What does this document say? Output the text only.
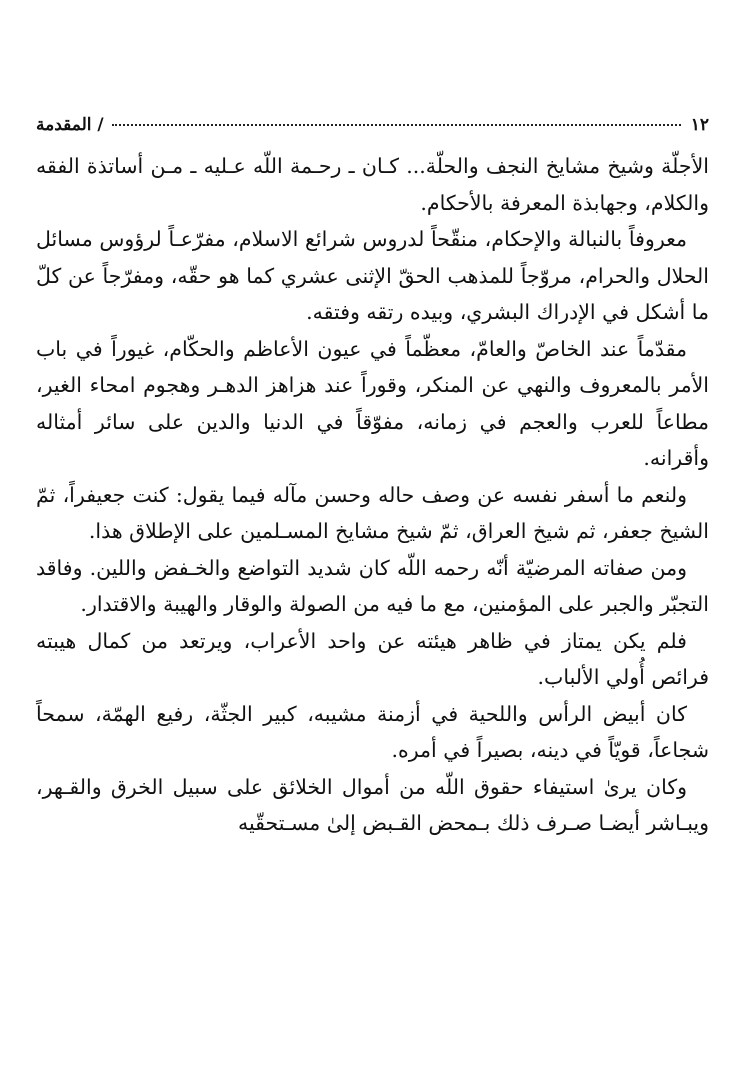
١٢
/ المقدمة

الأجلّة وشيخ مشايخ النجف والحلّة... كـان ـ رحـمة اللّه عـليه ـ مـن أساتذة الفقه والكلام، وجهابذة المعرفة بالأحكام.

معروفاً بالنبالة والإحكام، منقّحاً لدروس شرائع الاسلام، مفرّعـاً لرؤوس مسائل الحلال والحرام، مروّجاً للمذهب الحقّ الإثنى عشري كما هو حقّه، ومفرّجاً عن كلّ ما أشكل في الإدراك البشري، وبيده رتقه وفتقه.

مقدّماً عند الخاصّ والعامّ، معظّماً في عيون الأعاظم والحكّام، غيوراً في باب الأمر بالمعروف والنهي عن المنكر، وقوراً عند هزاهز الدهـر وهجوم امحاء الغير، مطاعاً للعرب والعجم في زمانه، مفوّقاً في الدنيا والدين على سائر أمثاله وأقرانه.

ولنعم ما أسفر نفسه عن وصف حاله وحسن مآله فيما يقول: كنت جعيفراً، ثمّ الشيخ جعفر، ثم شيخ العراق، ثمّ شيخ مشايخ المسـلمين على الإطلاق هذا.

ومن صفاته المرضيّة أنّه رحمه اللّه كان شديد التواضع والخـفض واللين. وفاقد التجبّر والجبر على المؤمنين، مع ما فيه من الصولة والوقار والهيبة والاقتدار.

فلم يكن يمتاز في ظاهر هيئته عن واحد الأعراب، ويرتعد من كمال هيبته فرائص أُولي الألباب.

كان أبيض الرأس واللحية في أزمنة مشيبه، كبير الجثّة، رفيع الهمّة، سمحاً شجاعاً، قويّاً في دينه، بصيراً في أمره.

وكان يرىٰ استيفاء حقوق اللّه من أموال الخلائق على سبيل الخرق والقـهر، ويبـاشر أيضـا صـرف ذلك بـمحض القـبض إلىٰ مسـتحقّيه
